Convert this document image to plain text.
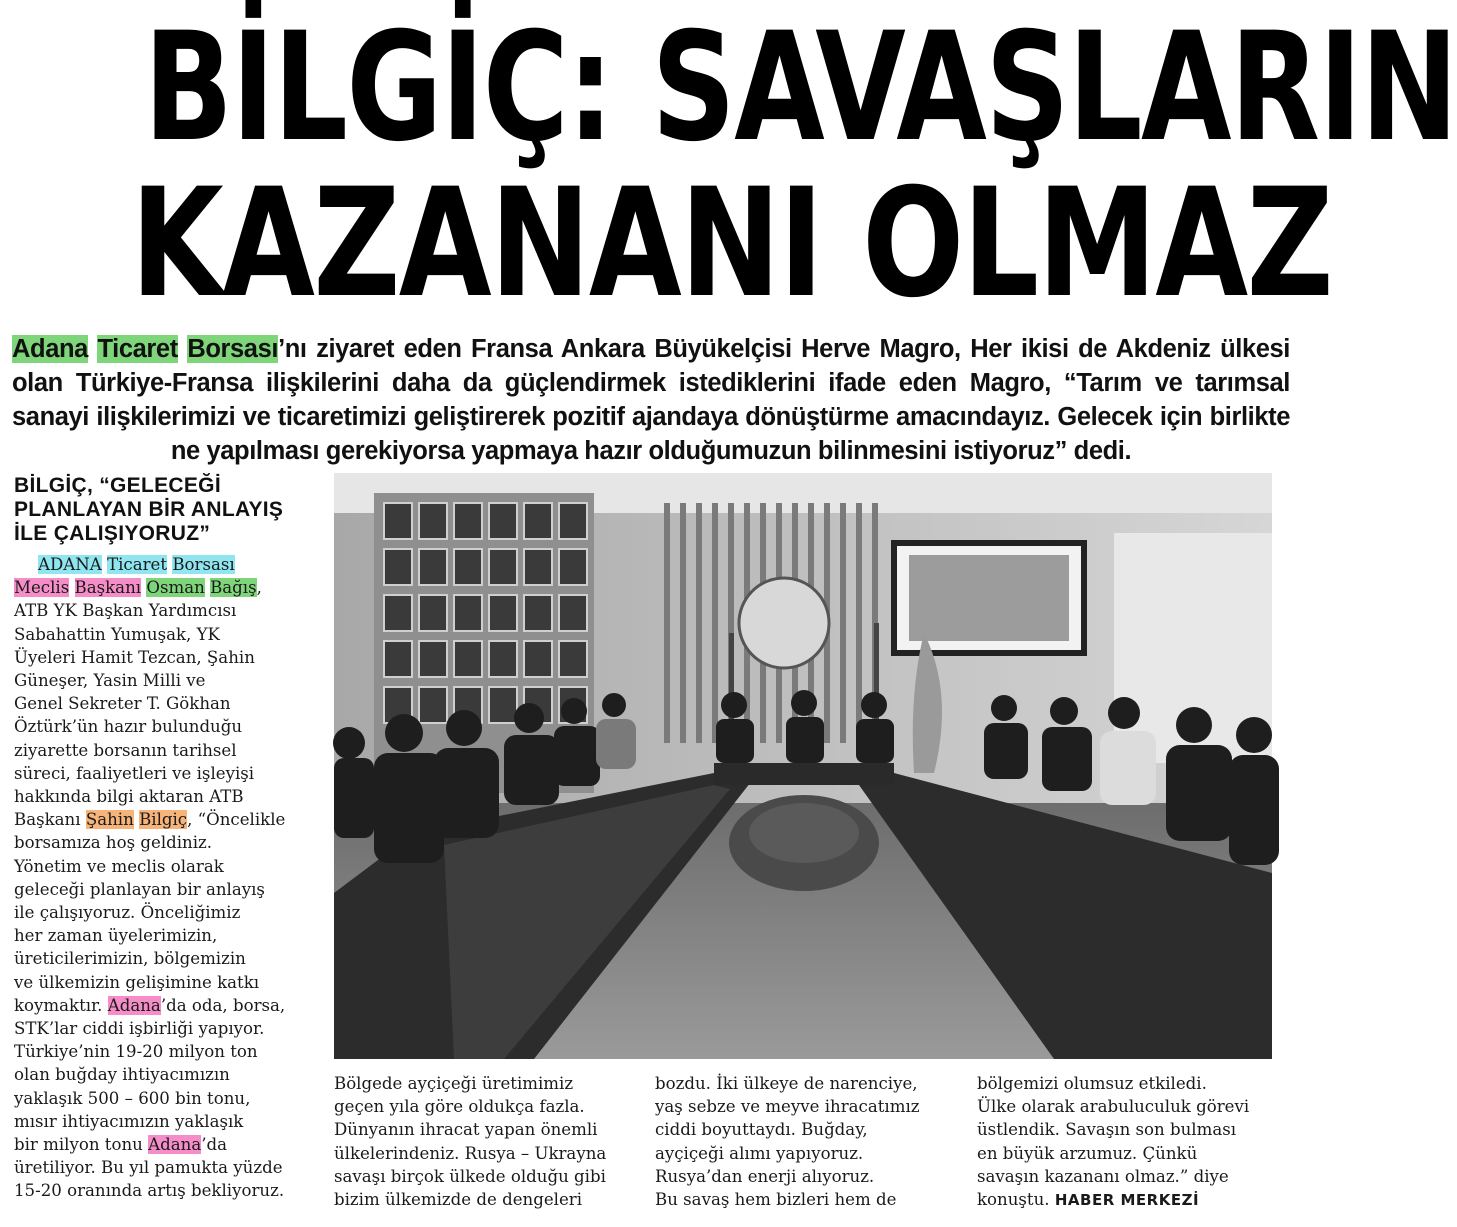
BİLGİÇ: SAVAŞLARIN
KAZANANI OLMAZ
Adana Ticaret Borsası’nı ziyaret eden Fransa Ankara Büyükelçisi Herve Magro, Her ikisi de Akdeniz ülkesi olan Türkiye-Fransa ilişkilerini daha da güçlendirmek istediklerini ifade eden Magro, “Tarım ve tarımsal sanayi ilişkilerimizi ve ticaretimizi geliştirerek pozitif ajandaya dönüştürme amacındayız. Gelecek için birlikte ne yapılması gerekiyorsa yapmaya hazır olduğumuzun bilinmesini istiyoruz” dedi.
BİLGİÇ, “GELECEĞİ
PLANLAYAN BİR ANLAYIŞ
İLE ÇALIŞIYORUZ”
ADANA Ticaret Borsası
Meclis Başkanı Osman Bağış,
ATB YK Başkan Yardımcısı
Sabahattin Yumuşak, YK
Üyeleri Hamit Tezcan, Şahin
Güneşer, Yasin Milli ve
Genel Sekreter T. Gökhan
Öztürk’ün hazır bulunduğu
ziyarette borsanın tarihsel
süreci, faaliyetleri ve işleyişi
hakkında bilgi aktaran ATB
Başkanı Şahin Bilgiç, “Öncelikle
borsamıza hoş geldiniz.
Yönetim ve meclis olarak
geleceği planlayan bir anlayış
ile çalışıyoruz. Önceliğimiz
her zaman üyelerimizin,
üreticilerimizin, bölgemizin
ve ülkemizin gelişimine katkı
koymaktır. Adana’da oda, borsa,
STK’lar ciddi işbirliği yapıyor.
Türkiye’nin 19-20 milyon ton
olan buğday ihtiyacımızın
yaklaşık 500 – 600 bin tonu,
mısır ihtiyacımızın yaklaşık
bir milyon tonu Adana’da
üretiliyor. Bu yıl pamukta yüzde
15-20 oranında artış bekliyoruz.
Bölgede ayçiçeği üretimimiz
geçen yıla göre oldukça fazla.
Dünyanın ihracat yapan önemli
ülkelerindeniz. Rusya – Ukrayna
savaşı birçok ülkede olduğu gibi
bizim ülkemizde de dengeleri
bozdu. İki ülkeye de narenciye,
yaş sebze ve meyve ihracatımız
ciddi boyuttaydı. Buğday,
ayçiçeği alımı yapıyoruz.
Rusya’dan enerji alıyoruz.
Bu savaş hem bizleri hem de
bölgemizi olumsuz etkiledi.
Ülke olarak arabuluculuk görevi
üstlendik. Savaşın son bulması
en büyük arzumuz. Çünkü
savaşın kazananı olmaz.” diye
konuştu. HABER MERKEZİ
